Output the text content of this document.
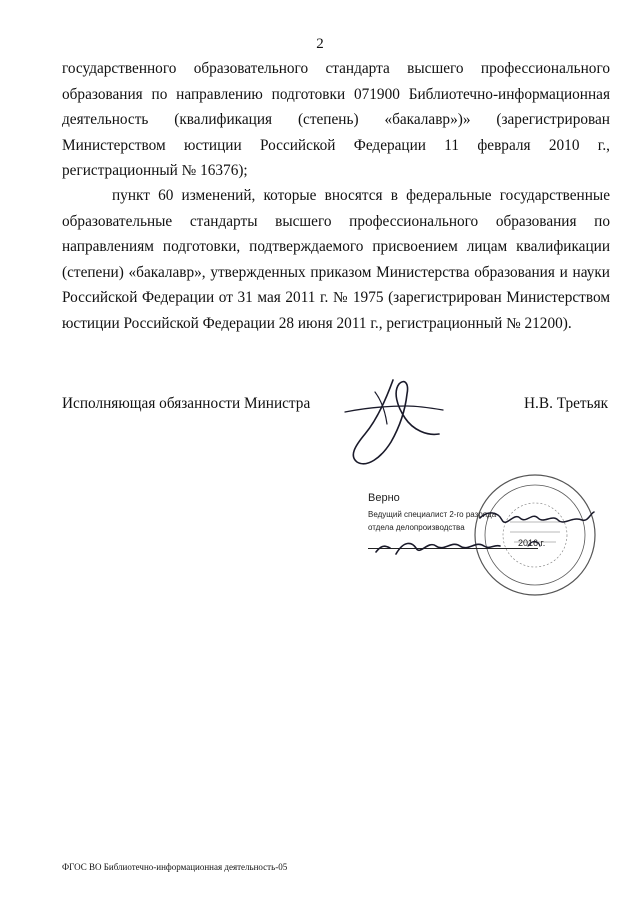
2
государственного образовательного стандарта высшего профессионального образования по направлению подготовки 071900 Библиотечно-информационная деятельность (квалификация (степень) «бакалавр»)» (зарегистрирован Министерством юстиции Российской Федерации 11 февраля 2010 г., регистрационный № 16376);
пункт 60 изменений, которые вносятся в федеральные государственные образовательные стандарты высшего профессионального образования по направлениям подготовки, подтверждаемого присвоением лицам квалификации (степени) «бакалавр», утвержденных приказом Министерства образования и науки Российской Федерации от 31 мая 2011 г. № 1975 (зарегистрирован Министерством юстиции Российской Федерации 28 июня 2011 г., регистрационный № 21200).
Исполняющая обязанности Министра	Н.В. Третьяк
Верно
Ведущий специалист 2-го разряда
отдела делопроизводства
2016 г.
ФГОС ВО Библиотечно-информационная деятельность-05
